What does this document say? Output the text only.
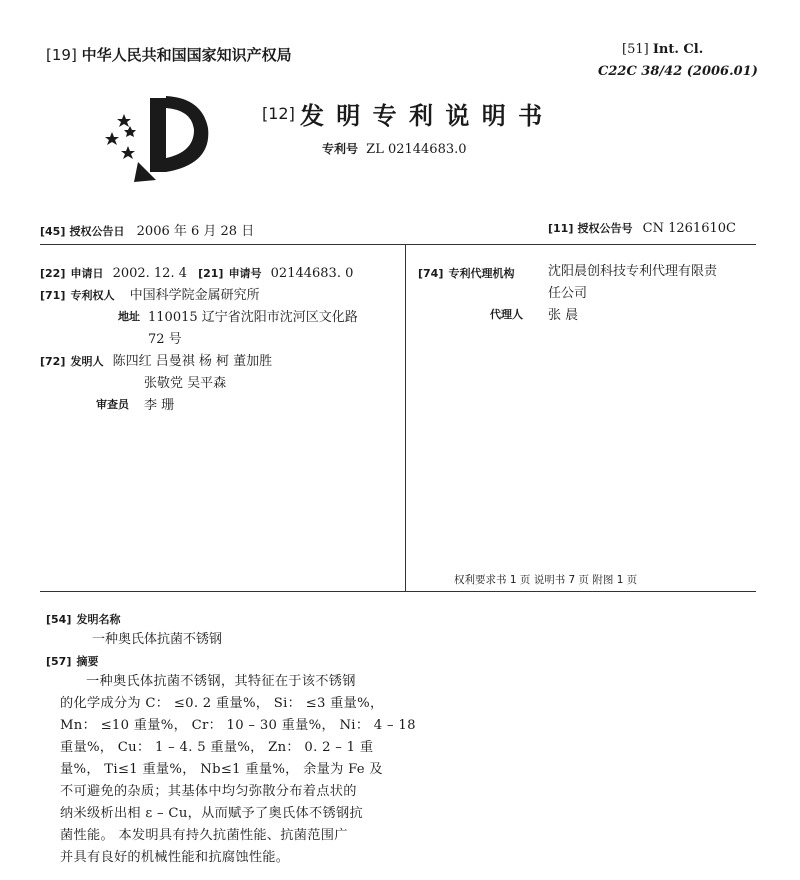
[19] 中华人民共和国国家知识产权局	[51] Int. Cl.
C22C 38/42 (2006.01)
[12] 发 明 专 利 说 明 书
专利号 ZL 02144683.0
[45] 授权公告日 2006 年 6 月 28 日	[11] 授权公告号 CN 1261610C
[22] 申请日 2002. 12. 4 [21] 申请号 02144683. 0
[71] 专利权人 中国科学院金属研究所
地址 110015 辽宁省沈阳市沈河区文化路
72 号
[72] 发明人 陈四红 吕曼祺 杨 柯 董加胜
张敬党 吴平森
审查员 李 珊
[74] 专利代理机构	沈阳晨创科技专利代理有限责
任公司
代理人 张 晨
权利要求书 1 页 说明书 7 页 附图 1 页
[54] 发明名称
一种奥氏体抗菌不锈钢
[57] 摘要
一种奥氏体抗菌不锈钢，其特征在于该不锈钢
的化学成分为 C： ≤0. 2 重量%， Si： ≤3 重量%，
Mn： ≤10 重量%， Cr： 10 – 30 重量%， Ni： 4 – 18
重量%， Cu： 1 – 4. 5 重量%， Zn： 0. 2 – 1 重
量%， Ti≤1 重量%， Nb≤1 重量%， 余量为 Fe 及
不可避免的杂质；其基体中均匀弥散分布着点状的
纳米级析出相 ε – Cu，从而赋予了奥氏体不锈钢抗
菌性能。 本发明具有持久抗菌性能、抗菌范围广
并具有良好的机械性能和抗腐蚀性能。
